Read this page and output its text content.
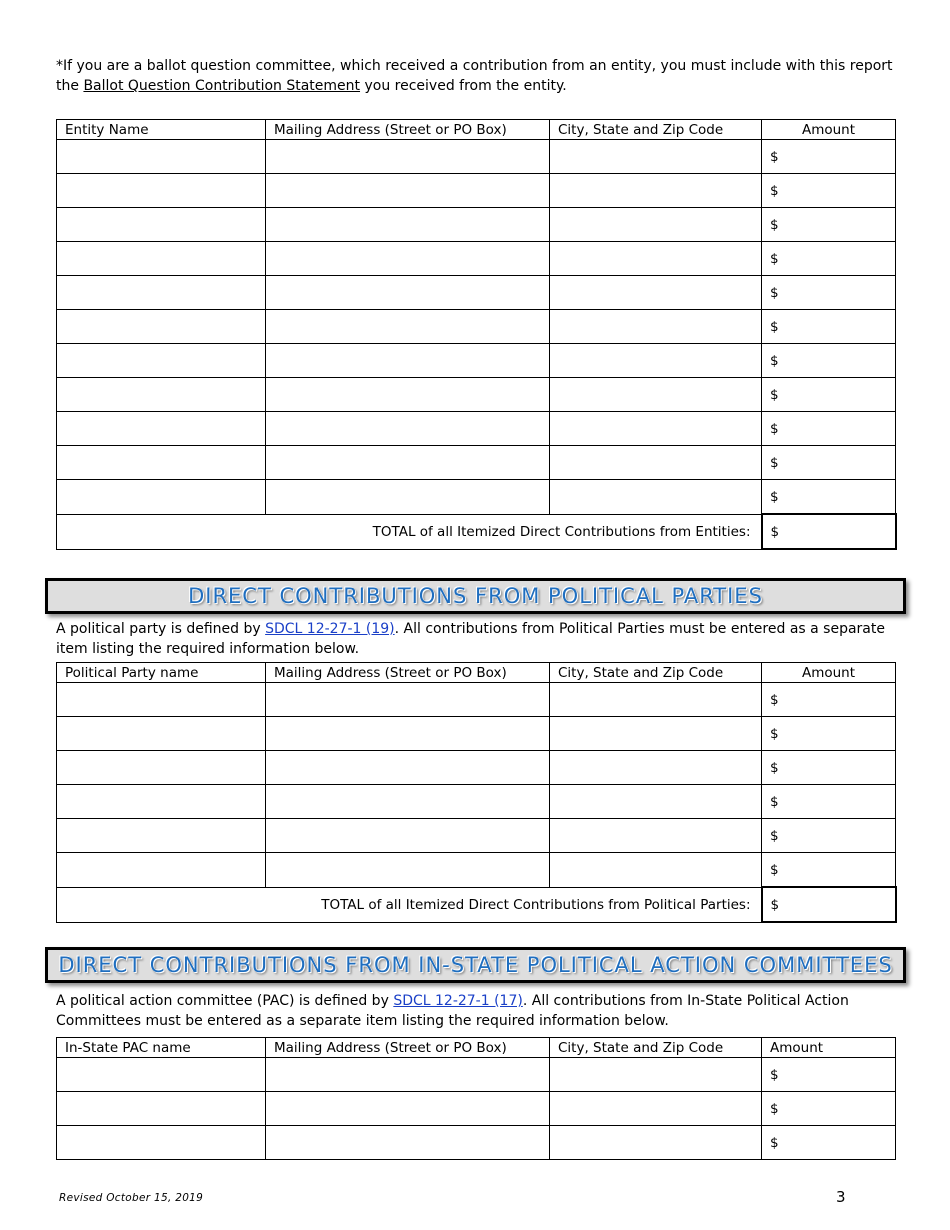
*If you are a ballot question committee, which received a contribution from an entity, you must include with this report
the Ballot Question Contribution Statement you received from the entity.
Entity Name	Mailing Address (Street or PO Box)	City, State and Zip Code	Amount
			$
			$
			$
			$
			$
			$
			$
			$
			$
			$
			$
TOTAL of all Itemized Direct Contributions from Entities:			$
DIRECT CONTRIBUTIONS FROM POLITICAL PARTIES
A political party is defined by SDCL 12-27-1 (19). All contributions from Political Parties must be entered as a separate item listing the required information below.
Political Party name	Mailing Address (Street or PO Box)	City, State and Zip Code	Amount
			$
			$
			$
			$
			$
			$
TOTAL of all Itemized Direct Contributions from Political Parties:			$
DIRECT CONTRIBUTIONS FROM IN-STATE POLITICAL ACTION COMMITTEES
A political action committee (PAC) is defined by SDCL 12-27-1 (17). All contributions from In-State Political Action Committees must be entered as a separate item listing the required information below.
In-State PAC name	Mailing Address (Street or PO Box)	City, State and Zip Code	Amount
			$
			$
			$
Revised October 15, 2019	3
